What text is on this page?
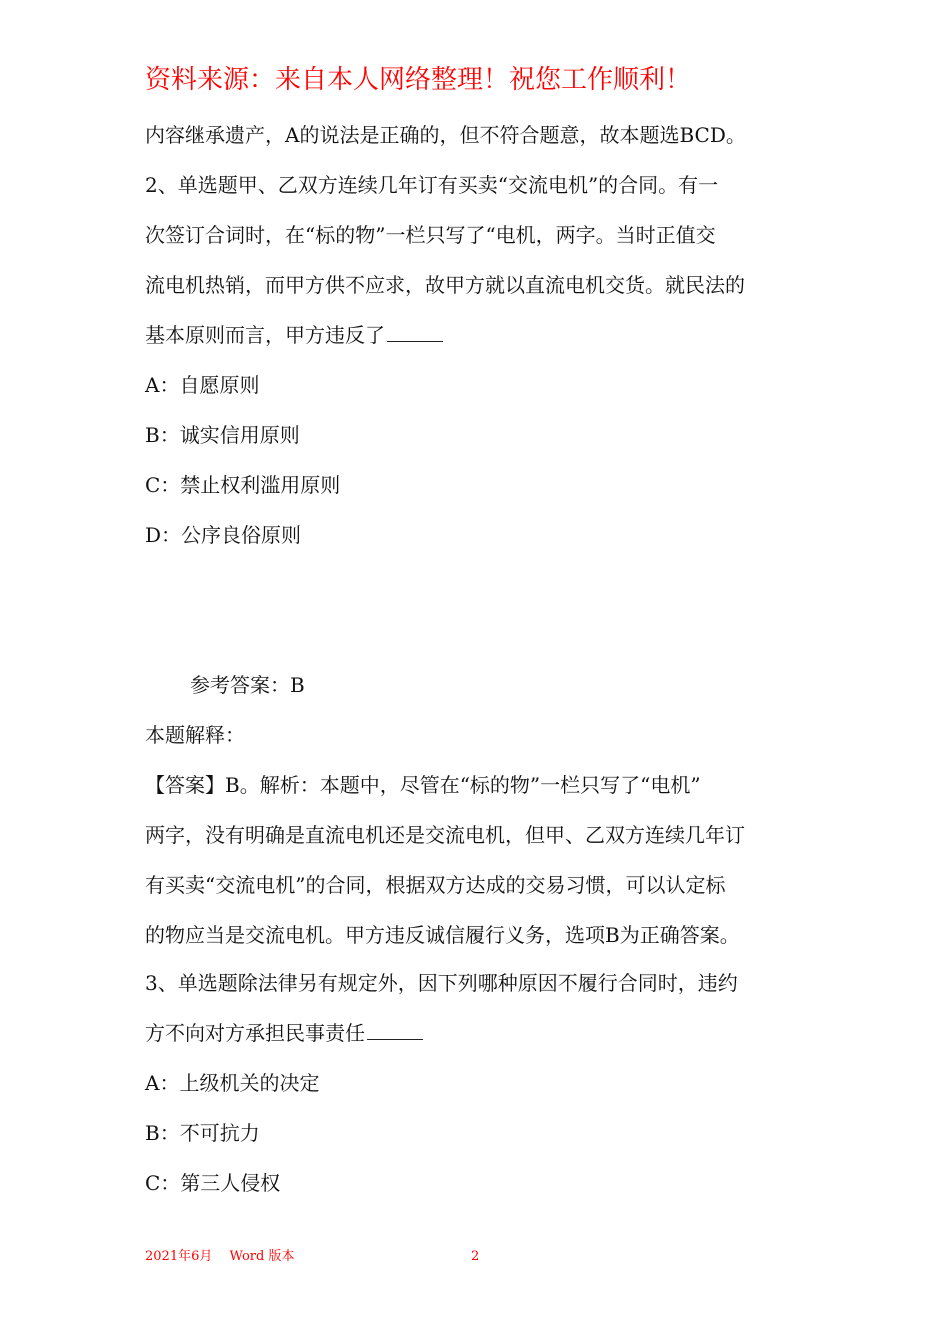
资料来源：来自本人网络整理！祝您工作顺利！
内容继承遗产，A的说法是正确的，但不符合题意，故本题选BCD。
2、单选题甲、乙双方连续几年订有买卖“交流电机”的合同。有一
次签订合词时，在“标的物”一栏只写了“电机，两字。当时正值交
流电机热销，而甲方供不应求，故甲方就以直流电机交货。就民法的
基本原则而言，甲方违反了
A：自愿原则
B：诚实信用原则
C：禁止权利滥用原则
D：公序良俗原则
参考答案：B
本题解释：
【答案】B。解析：本题中，尽管在“标的物”一栏只写了“电机”
两字，没有明确是直流电机还是交流电机，但甲、乙双方连续几年订
有买卖“交流电机”的合同，根据双方达成的交易习惯，可以认定标
的物应当是交流电机。甲方违反诚信履行义务，选项B为正确答案。
3、单选题除法律另有规定外，因下列哪种原因不履行合同时，违约
方不向对方承担民事责任
A：上级机关的决定
B：不可抗力
C：第三人侵权
2021年6月　 Word 版本	2
